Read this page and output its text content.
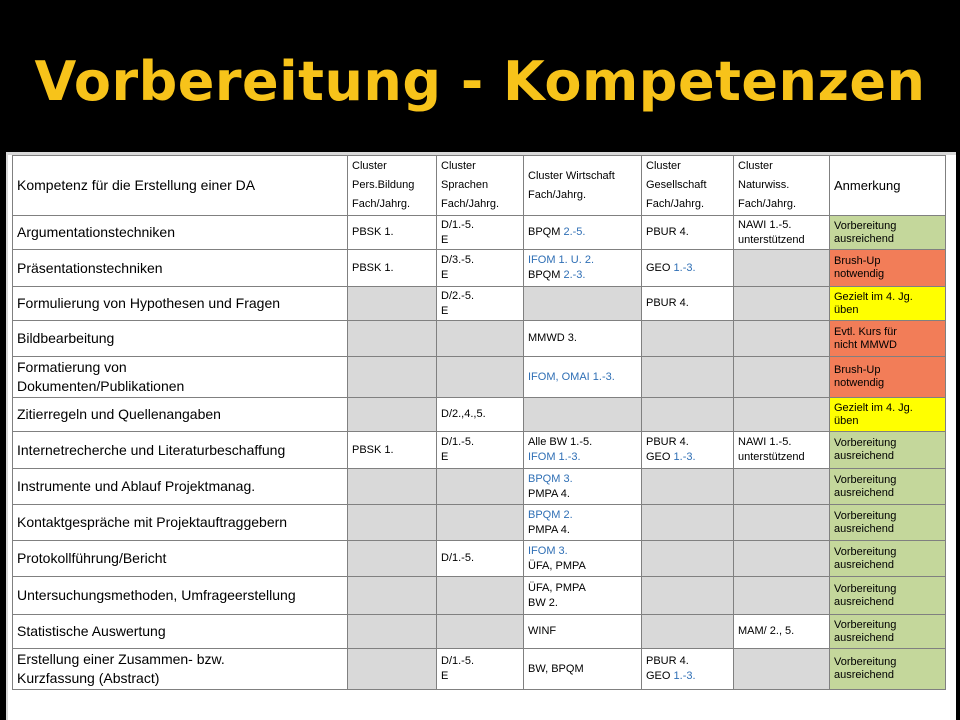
Vorbereitung - Kompetenzen
Kompetenz für die Erstellung einer DA	Cluster
Pers.Bildung
Fach/Jahrg.	Cluster
Sprachen
Fach/Jahrg.	Cluster Wirtschaft
Fach/Jahrg.	Cluster
Gesellschaft
Fach/Jahrg.	Cluster
Naturwiss.
Fach/Jahrg.	Anmerkung

Argumentationstechniken	PBSK 1.	D/1.-5.
E	BPQM 2.-5.	PBUR 4.	NAWI 1.-5.
unterstützend	Vorbereitung
ausreichend

Präsentationstechniken	PBSK 1.	D/3.-5.
E	IFOM 1. U. 2.
BPQM 2.-3.	GEO 1.-3.		Brush-Up
notwendig

Formulierung von Hypothesen und Fragen		D/2.-5.
E		PBUR 4.		Gezielt im 4. Jg.
üben

Bildbearbeitung			MMWD 3.			Evtl. Kurs für
nicht MMWD

Formatierung von
Dokumenten/Publikationen			IFOM, OMAI 1.-3.			Brush-Up
notwendig

Zitierregeln und Quellenangaben		D/2.,4.,5.				Gezielt im 4. Jg.
üben

Internetrecherche und Literaturbeschaffung	PBSK 1.	D/1.-5.
E	Alle BW 1.-5.
IFOM 1.-3.	PBUR 4.
GEO 1.-3.	NAWI 1.-5.
unterstützend	Vorbereitung
ausreichend

Instrumente und Ablauf Projektmanag.			BPQM 3.
PMPA 4.			Vorbereitung
ausreichend

Kontaktgespräche mit Projektauftraggebern			BPQM 2.
PMPA 4.			Vorbereitung
ausreichend

Protokollführung/Bericht		D/1.-5.	IFOM 3.
ÜFA, PMPA			Vorbereitung
ausreichend

Untersuchungsmethoden, Umfrageerstellung			ÜFA, PMPA
BW 2.			Vorbereitung
ausreichend

Statistische Auswertung			WINF		MAM/ 2., 5.	Vorbereitung
ausreichend

Erstellung einer Zusammen- bzw.
Kurzfassung (Abstract)		D/1.-5.
E	BW, BPQM	PBUR 4.
GEO 1.-3.		Vorbereitung
ausreichend
